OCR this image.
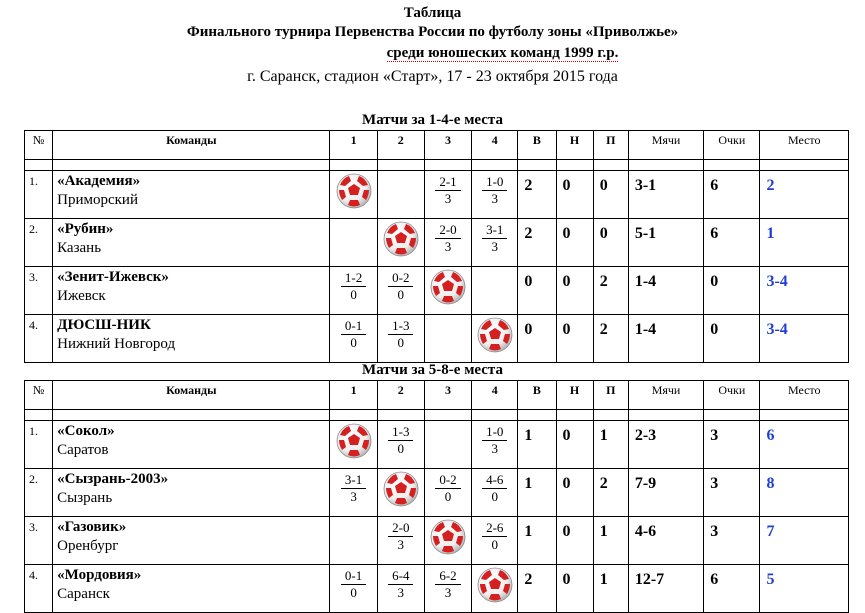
Таблица
Финального турнира Первенства России по футболу зоны «Приволжье»
среди юношеских команд 1999 г.р.
г. Саранск, стадион «Старт», 17 - 23 октября 2015 года
Матчи за 1-4-е места
№	Команды	1	2	3	4	В	Н	П	Мячи	Очки	Место

1.	«Академия»
Приморский			$\frac{2-1}{3}$	$\frac{1-0}{3}$	2	0	0	3-1	6	2
2.	«Рубин»
Казань			$\frac{2-0}{3}$	$\frac{3-1}{3}$	2	0	0	5-1	6	1
3.	«Зенит-Ижевск»
Ижевск	$\frac{1-2}{0}$	$\frac{0-2}{0}$			0	0	2	1-4	0	3-4
4.	ДЮСШ-НИК
Нижний Новгород	$\frac{0-1}{0}$	$\frac{1-3}{0}$			0	0	2	1-4	0	3-4
Матчи за 5-8-е места
№	Команды	1	2	3	4	В	Н	П	Мячи	Очки	Место

1.	«Сокол»
Саратов		$\frac{1-3}{0}$		$\frac{1-0}{3}$	1	0	1	2-3	3	6
2.	«Сызрань-2003»
Сызрань	$\frac{3-1}{3}$		$\frac{0-2}{0}$	$\frac{4-6}{0}$	1	0	2	7-9	3	8
3.	«Газовик»
Оренбург		$\frac{2-0}{3}$		$\frac{2-6}{0}$	1	0	1	4-6	3	7
4.	«Мордовия»
Саранск	$\frac{0-1}{0}$	$\frac{6-4}{3}$	$\frac{6-2}{3}$		2	0	1	12-7	6	5
